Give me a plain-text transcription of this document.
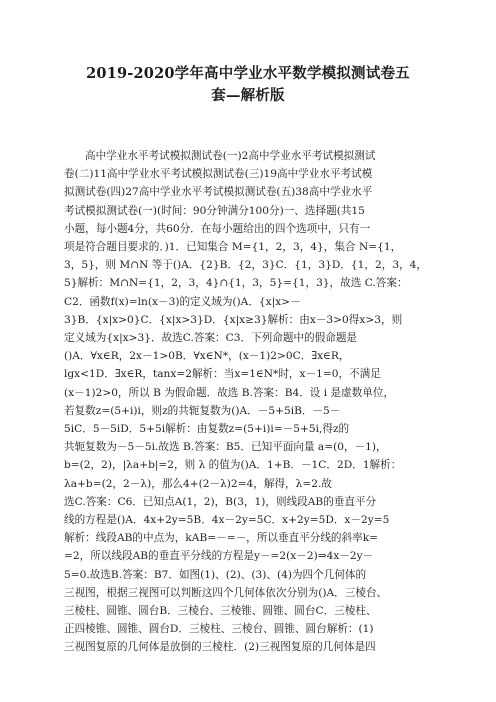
2019-2020学年高中学业水平数学模拟测试卷五
套—解析版
高中学业水平考试模拟测试卷(一)2高中学业水平考试模拟测试
卷(二)11高中学业水平考试模拟测试卷(三)19高中学业水平考试模
拟测试卷(四)27高中学业水平考试模拟测试卷(五)38高中学业水平
考试模拟测试卷(一)(时间：90分钟满分100分)一、选择题(共15
小题，每小题4分，共60分．在每小题给出的四个选项中，只有一
项是符合题目要求的．)1．已知集合 M={1，2，3，4}，集合 N={1，
3，5}，则 M∩N 等于()A．{2}B．{2，3}C．{1，3}D．{1，2，3，4，
5}解析：M∩N={1，2，3，4}∩{1，3，5}={1，3}，故选 C.答案：
C2．函数f(x)=ln(x－3)的定义域为()A．{x|x>－
3}B．{x|x>0}C．{x|x>3}D．{x|x≥3}解析：由x－3>0得x>3，则
定义域为{x|x>3}．故选C.答案：C3．下列命题中的假命题是
()A．∀x∈R，2x－1>0B．∀x∈N*，(x－1)2>0C．∃x∈R，
lgx<1D．∃x∈R，tanx=2解析：当x=1∈N*时，x－1=0，不满足
(x－1)2>0，所以 B 为假命题．故选 B.答案：B4．设 i 是虚数单位，
若复数z=(5+i)i，则z的共轭复数为()A．－5+5iB．－5－
5iC．5－5iD．5+5i解析：由复数z=(5+i)i=－5+5i,得z的
共轭复数为－5－5i.故选 B.答案：B5．已知平面向量 a=(0，－1)，
b=(2，2)，|λa+b|=2，则 λ 的值为()A．1+B．－1C．2D．1解析：
λa+b=(2，2－λ)，那么4+(2－λ)2=4，解得，λ=2.故
选C.答案：C6．已知点A(1，2)，B(3，1)，则线段AB的垂直平分
线的方程是()A．4x+2y=5B．4x－2y=5C．x+2y=5D．x－2y=5
解析：线段AB的中点为，kAB=－=－，所以垂直平分线的斜率k=
=2，所以线段AB的垂直平分线的方程是y－=2(x－2)⇒4x－2y－
5=0.故选B.答案：B7．如图(1)、(2)、(3)、(4)为四个几何体的
三视图，根据三视图可以判断这四个几何体依次分别为()A．三棱台、
三棱柱、圆锥、圆台B．三棱台、三棱锥、圆锥、圆台C．三棱柱、
正四棱锥、圆锥、圆台D．三棱柱、三棱台、圆锥、圆台解析：(1)
三视图复原的几何体是放倒的三棱柱．(2)三视图复原的几何体是四
